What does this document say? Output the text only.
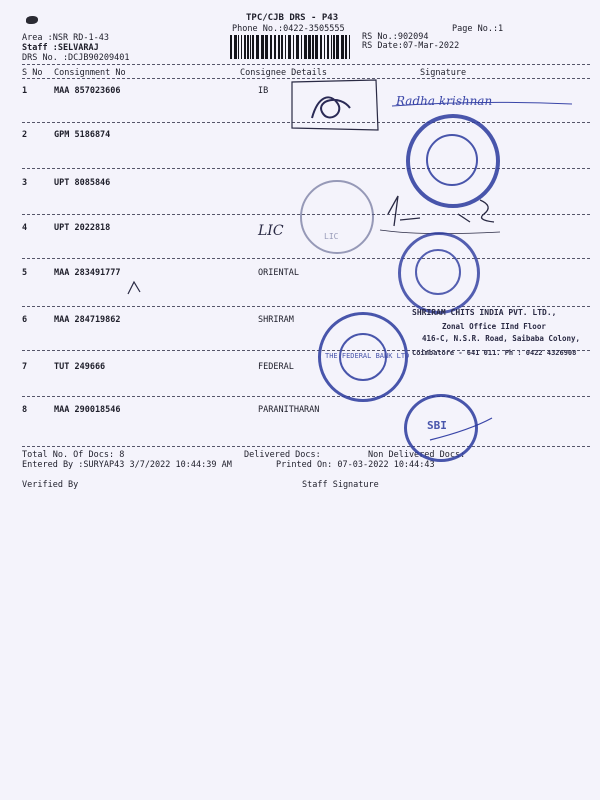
TPC/CJB DRS - P43
Phone No.:0422-3505555	Page No.:1
Area :NSR RD-1-43
Staff :SELVARAJ
DRS No. :DCJB90209401
RS No.:902094
RS Date:07-Mar-2022
S No Consignment No	Consignee Details	Signature
1	MAA 857023606	IB
2	GPM 5186874
3	UPT 8085846
4	UPT 2022818
5	MAA 283491777	ORIENTAL
6	MAA 284719862	SHRIRAM
7	TUT 249666	FEDERAL
8	MAA 290018546	PARANITHARAN
Total No. Of Docs: 8	Delivered Docs:	Non Delivered Docs:
Entered By :SURYAP43 3/7/2022 10:44:39 AM	Printed On: 07-03-2022 10:44:43
Verified By	Staff Signature
Radha krishnan
LIC	LIC
THE FEDERAL BANK LTD
SBI
SHRIRAM CHITS INDIA PVT. LTD.,
Zonal Office IInd Floor
416-C, N.S.R. Road, Saibaba Colony,
Coimbatore - 641 011. Ph : 0422 4326908
